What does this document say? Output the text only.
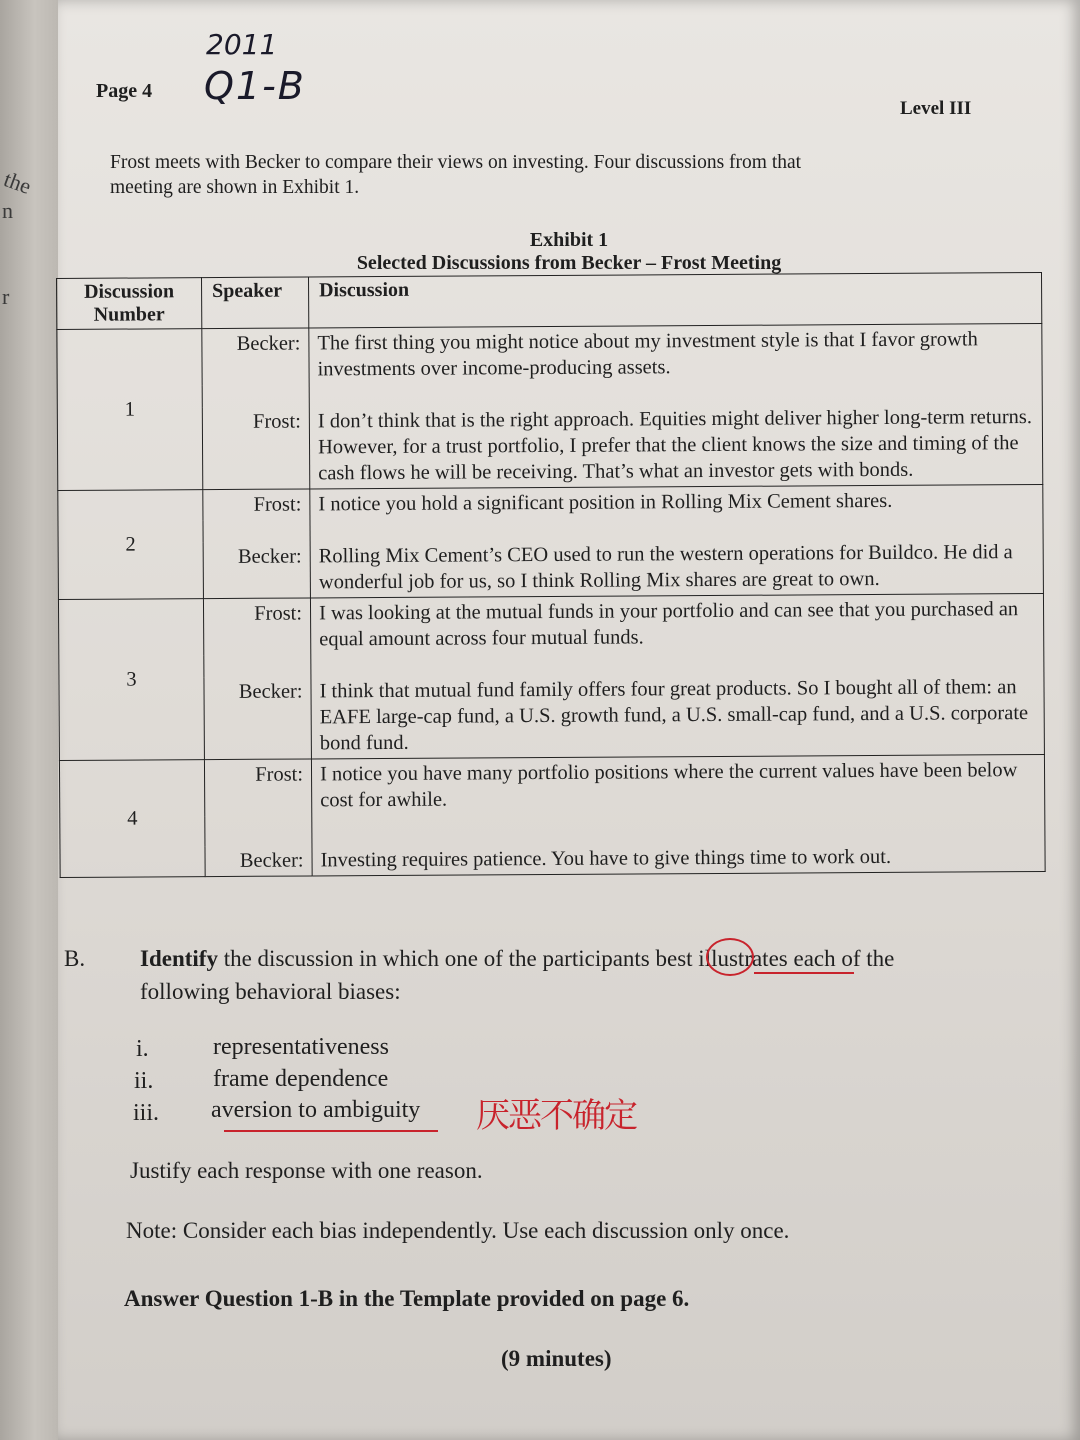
the
n
r
Page 4
2011
Q1-B
Level III
Frost meets with Becker to compare their views on investing. Four discussions from that
meeting are shown in Exhibit 1.
Exhibit 1
Selected Discussions from Becker – Frost Meeting
Discussion Number	Speaker	Discussion
1	Becker:	The first thing you might notice about my investment style is that I favor growth investments over income-producing assets.

	Frost:	I don’t think that is the right approach. Equities might deliver higher long-term returns. However, for a trust portfolio, I prefer that the client knows the size and timing of the cash flows he will be receiving. That’s what an investor gets with bonds.
2	Frost:	I notice you hold a significant position in Rolling Mix Cement shares.

	Becker:	Rolling Mix Cement’s CEO used to run the western operations for Buildco. He did a wonderful job for us, so I think Rolling Mix shares are great to own.
3	Frost:	I was looking at the mutual funds in your portfolio and can see that you purchased an equal amount across four mutual funds.

	Becker:	I think that mutual fund family offers four great products. So I bought all of them: an EAFE large-cap fund, a U.S. growth fund, a U.S. small-cap fund, and a U.S. corporate bond fund.
4	Frost:	I notice you have many portfolio positions where the current values have been below cost for awhile.

	Becker:	Investing requires patience. You have to give things time to work out.
B. Identify the discussion in which one of the participants best illustrates each of the
following behavioral biases:
i.	representativeness
ii. frame dependence
iii. aversion to ambiguity 厌恶不确定
Justify each response with one reason.
Note: Consider each bias independently. Use each discussion only once.
Answer Question 1-B in the Template provided on page 6.
(9 minutes)
